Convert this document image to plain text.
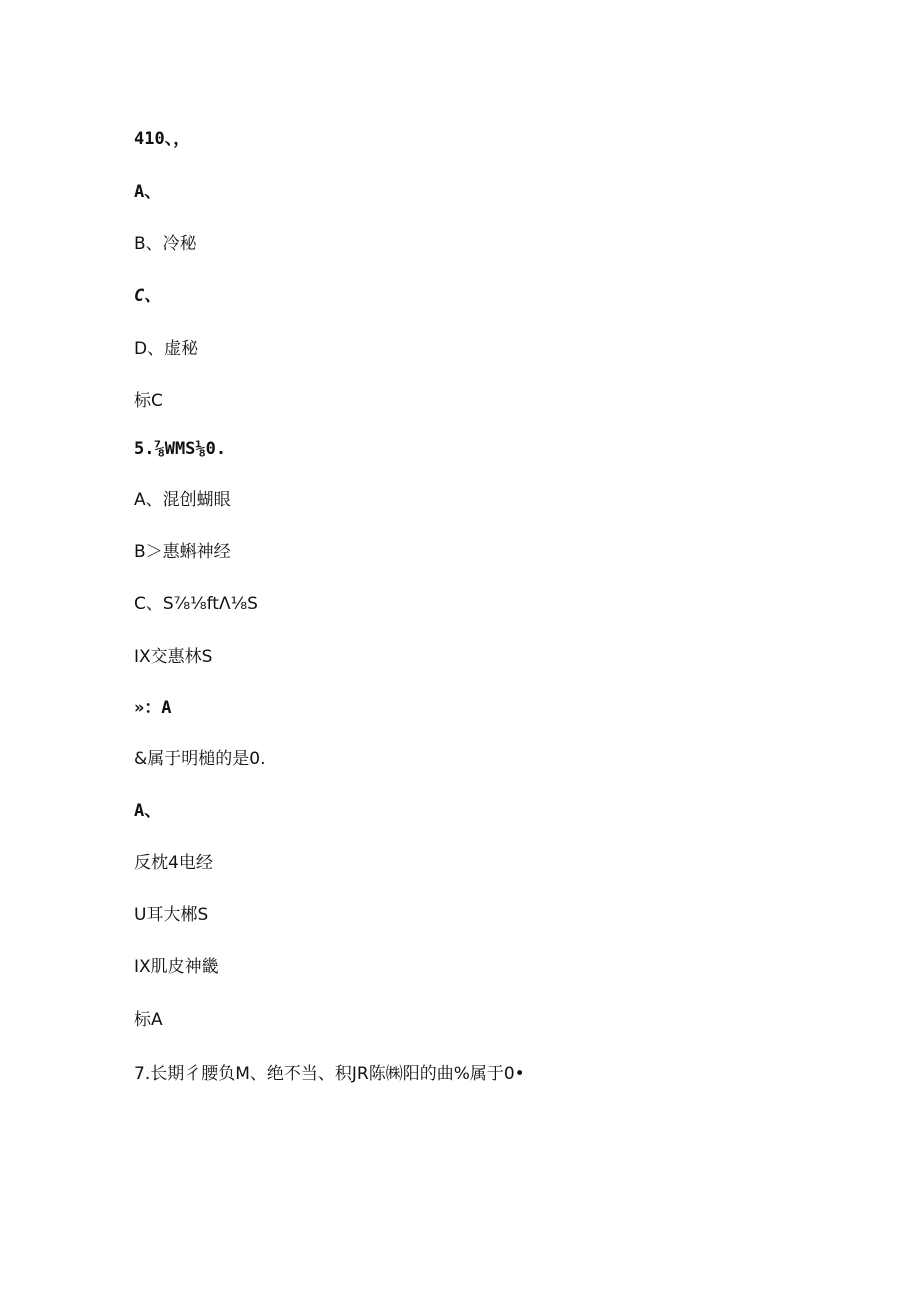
410、，
A、
B、冷秘
C、
D、虚秘
标C
5.⅞WMS⅛0.
A、混创蝴眼
B＞惠蝌神经
C、S⅞⅛ftΛ⅛S
IX交惠林S
»：A
&属于明槌的是0.
A、
反枕4电经
U耳大郴S
IX肌皮神畿
标A
7.长期彳腰负M、绝不当、积JR陈㈱阳的曲%属于0•
